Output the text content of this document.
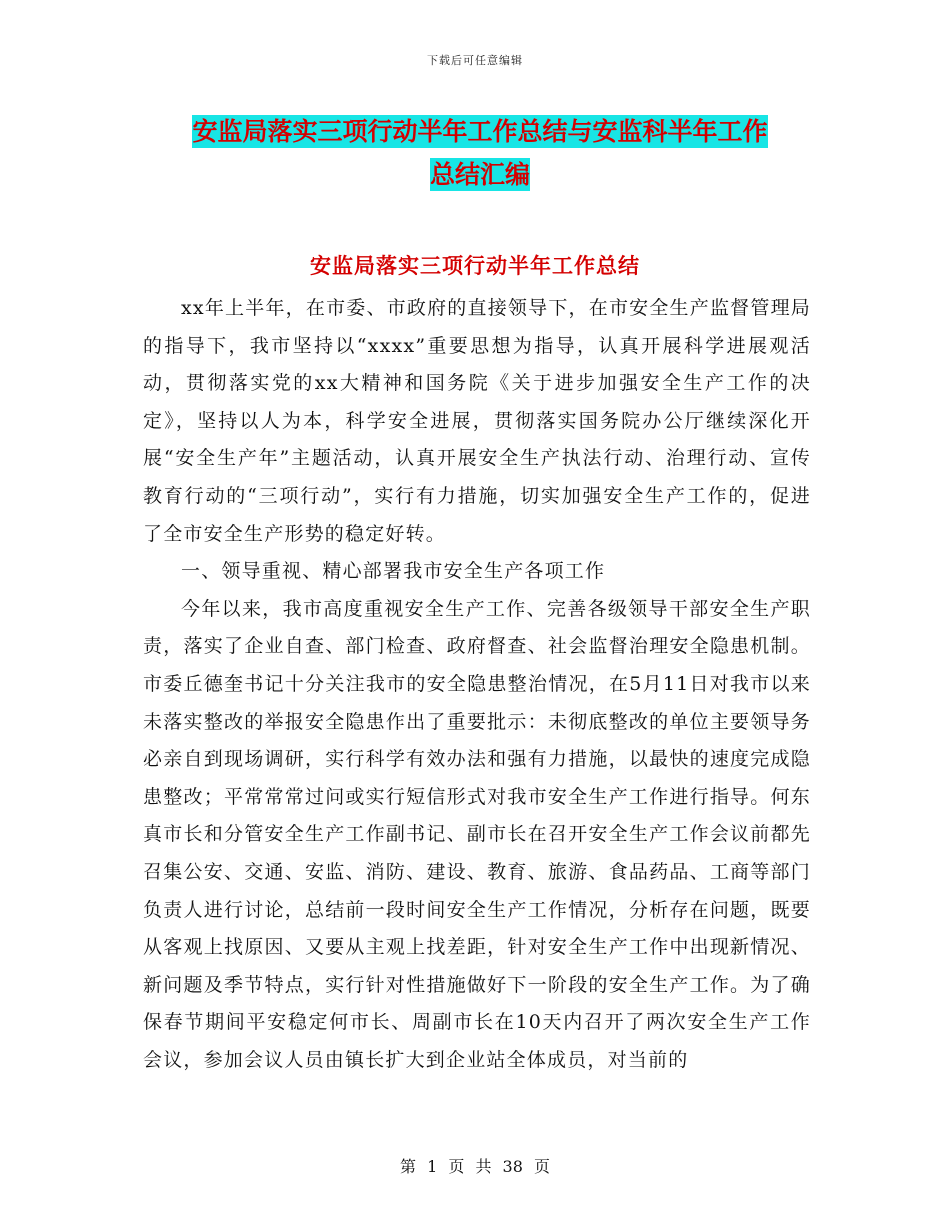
下载后可任意编辑
安监局落实三项行动半年工作总结与安监科半年工作
总结汇编
安监局落实三项行动半年工作总结

xx年上半年，在市委、市政府的直接领导下，在市安全生产监督管理局的指导下，我市坚持以“xxxx”重要思想为指导，认真开展科学进展观活动，贯彻落实党的xx大精神和国务院《关于进步加强安全生产工作的决定》，坚持以人为本，科学安全进展，贯彻落实国务院办公厅继续深化开展“安全生产年”主题活动，认真开展安全生产执法行动、治理行动、宣传教育行动的“三项行动”，实行有力措施，切实加强安全生产工作的，促进了全市安全生产形势的稳定好转。

一、领导重视、精心部署我市安全生产各项工作

今年以来，我市高度重视安全生产工作、完善各级领导干部安全生产职责，落实了企业自查、部门检查、政府督查、社会监督治理安全隐患机制。市委丘德奎书记十分关注我市的安全隐患整治情况，在5月11日对我市以来未落实整改的举报安全隐患作出了重要批示：未彻底整改的单位主要领导务必亲自到现场调研，实行科学有效办法和强有力措施，以最快的速度完成隐患整改；平常常常过问或实行短信形式对我市安全生产工作进行指导。何东真市长和分管安全生产工作副书记、副市长在召开安全生产工作会议前都先召集公安、交通、安监、消防、建设、教育、旅游、食品药品、工商等部门负责人进行讨论，总结前一段时间安全生产工作情况，分析存在问题，既要从客观上找原因、又要从主观上找差距，针对安全生产工作中出现新情况、新问题及季节特点，实行针对性措施做好下一阶段的安全生产工作。为了确保春节期间平安稳定何市长、周副市长在10天内召开了两次安全生产工作会议，参加会议人员由镇长扩大到企业站全体成员，对当前的

第 1 页 共 38 页
